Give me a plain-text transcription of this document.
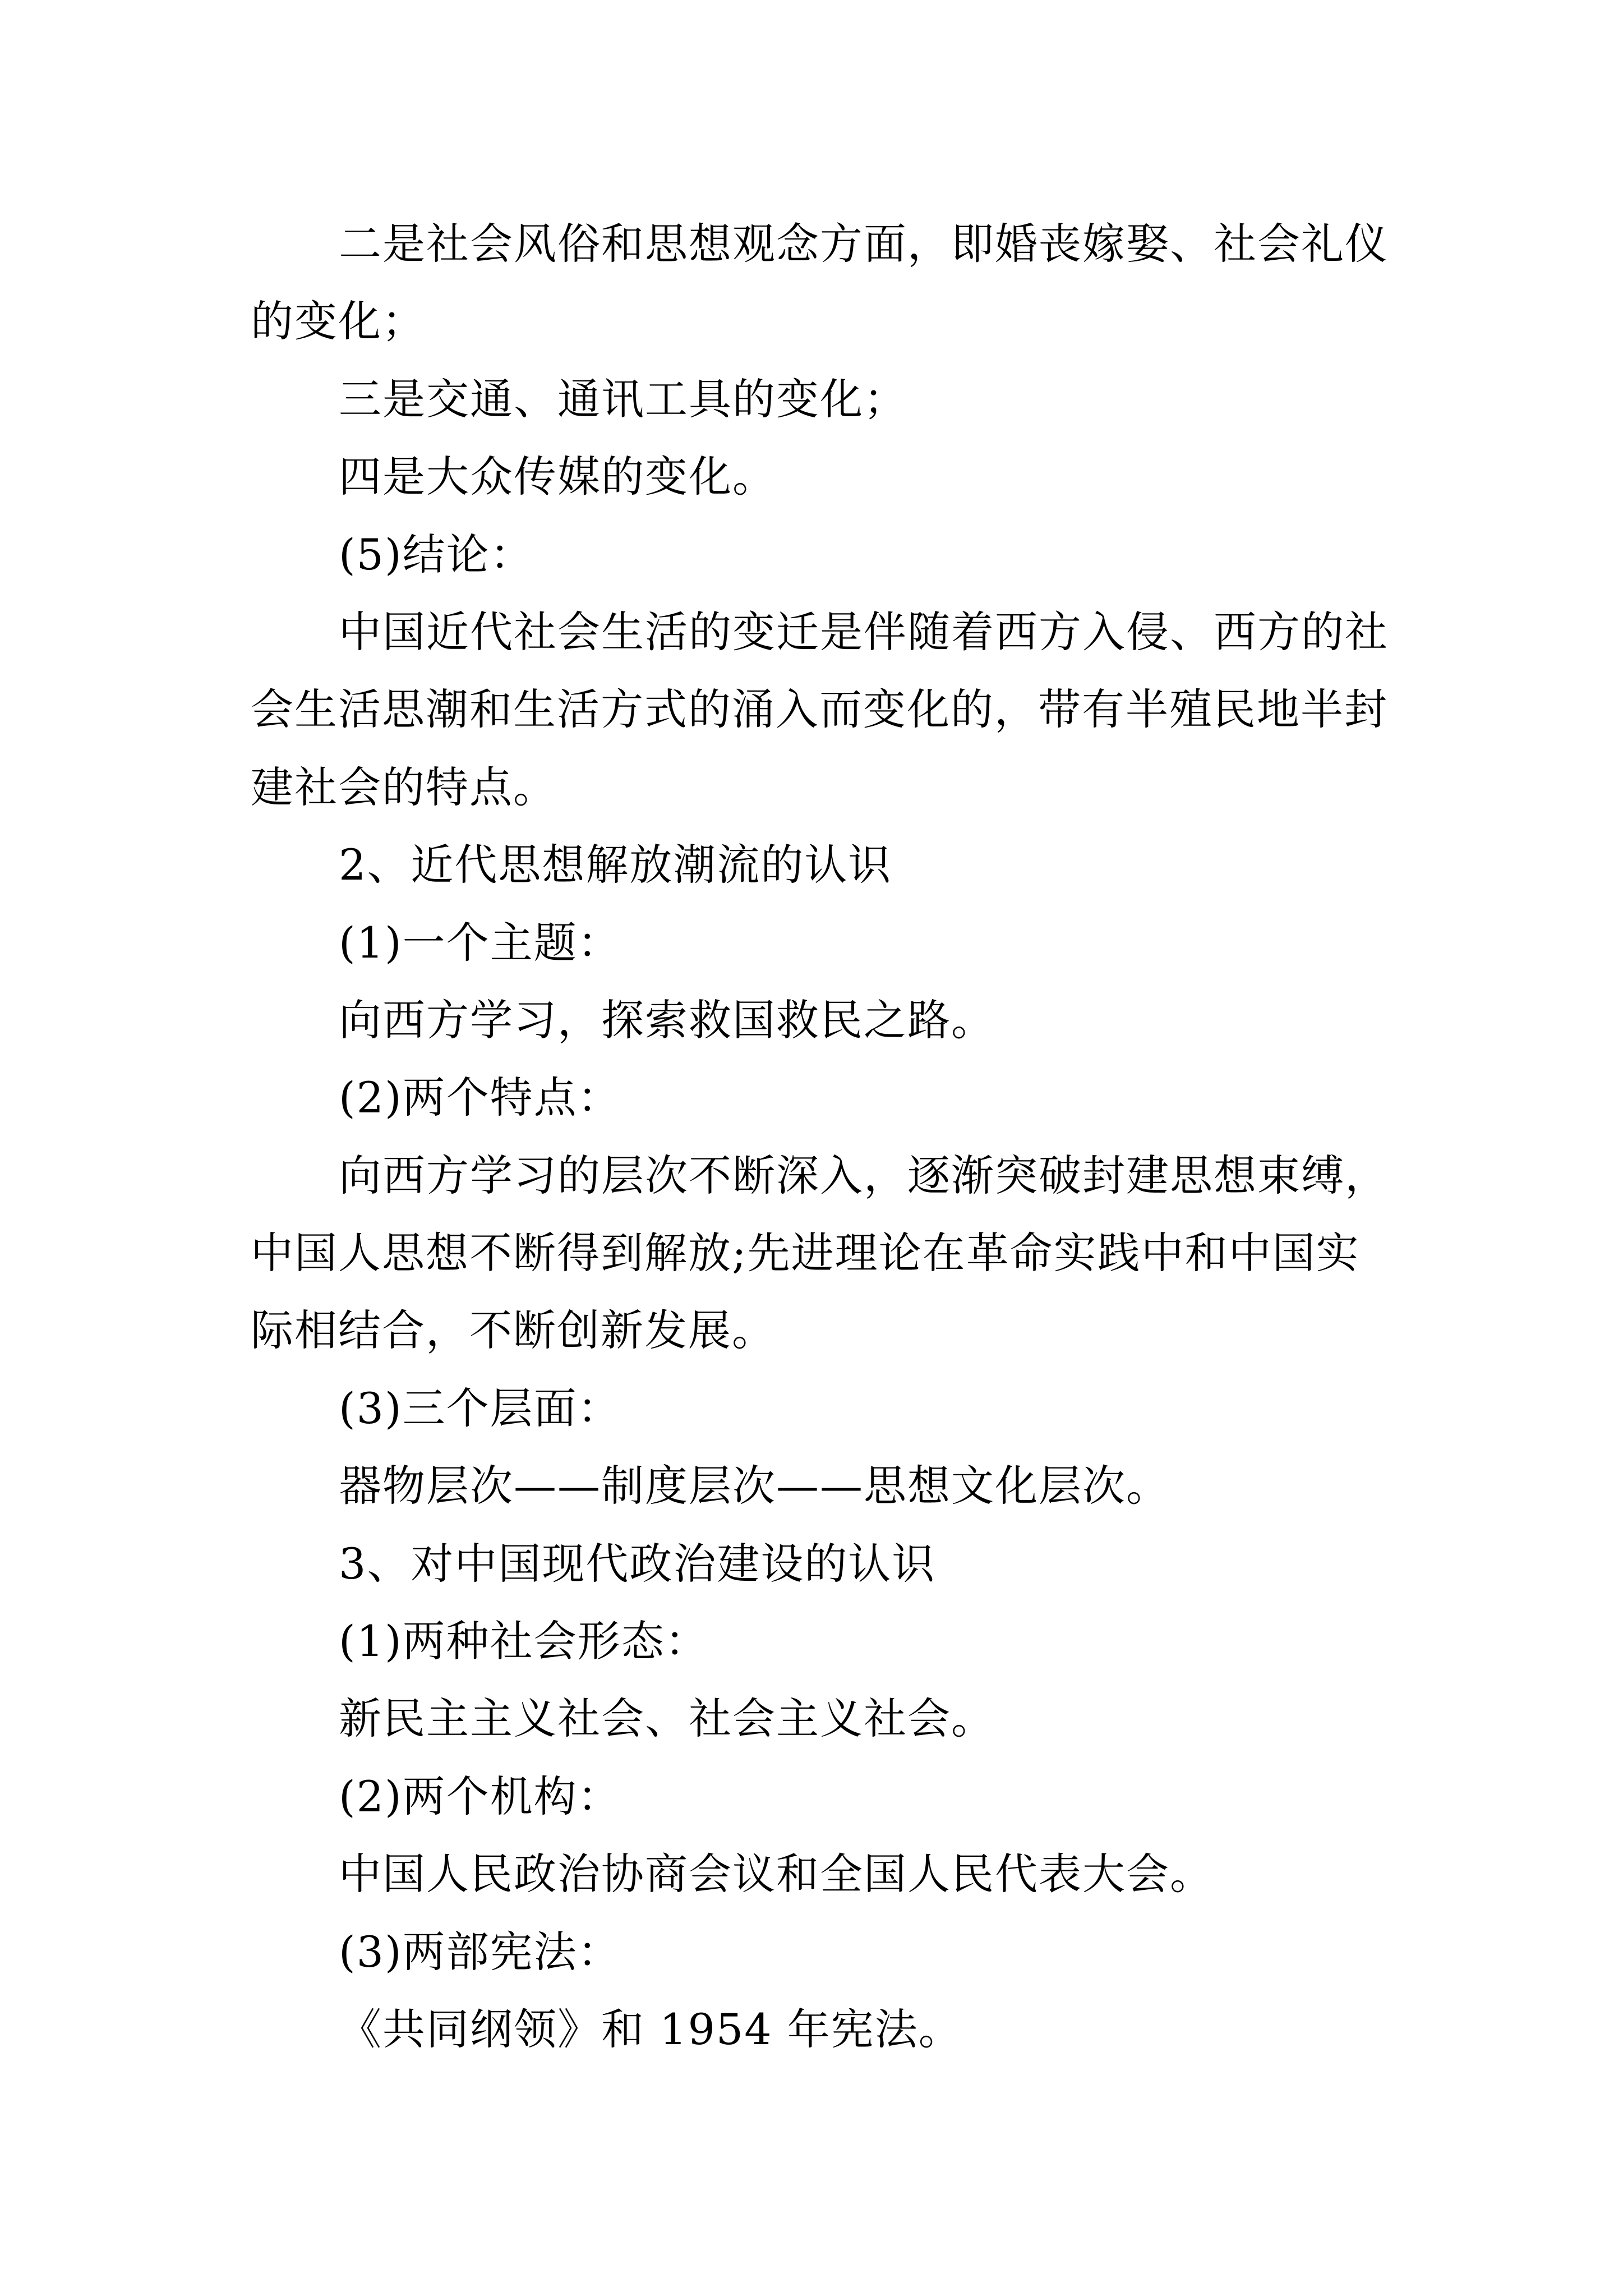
二是社会风俗和思想观念方面，即婚丧嫁娶、社会礼仪
的变化；
三是交通、通讯工具的变化；
四是大众传媒的变化。
(5)结论：
中国近代社会生活的变迁是伴随着西方入侵、西方的社
会生活思潮和生活方式的涌入而变化的，带有半殖民地半封
建社会的特点。
2、近代思想解放潮流的认识
(1)一个主题：
向西方学习，探索救国救民之路。
(2)两个特点：
向西方学习的层次不断深入，逐渐突破封建思想束缚，
中国人思想不断得到解放;先进理论在革命实践中和中国实
际相结合，不断创新发展。
(3)三个层面：
器物层次——制度层次——思想文化层次。
3、对中国现代政治建设的认识
(1)两种社会形态：
新民主主义社会、社会主义社会。
(2)两个机构：
中国人民政治协商会议和全国人民代表大会。
(3)两部宪法：
《共同纲领》和 1954 年宪法。
